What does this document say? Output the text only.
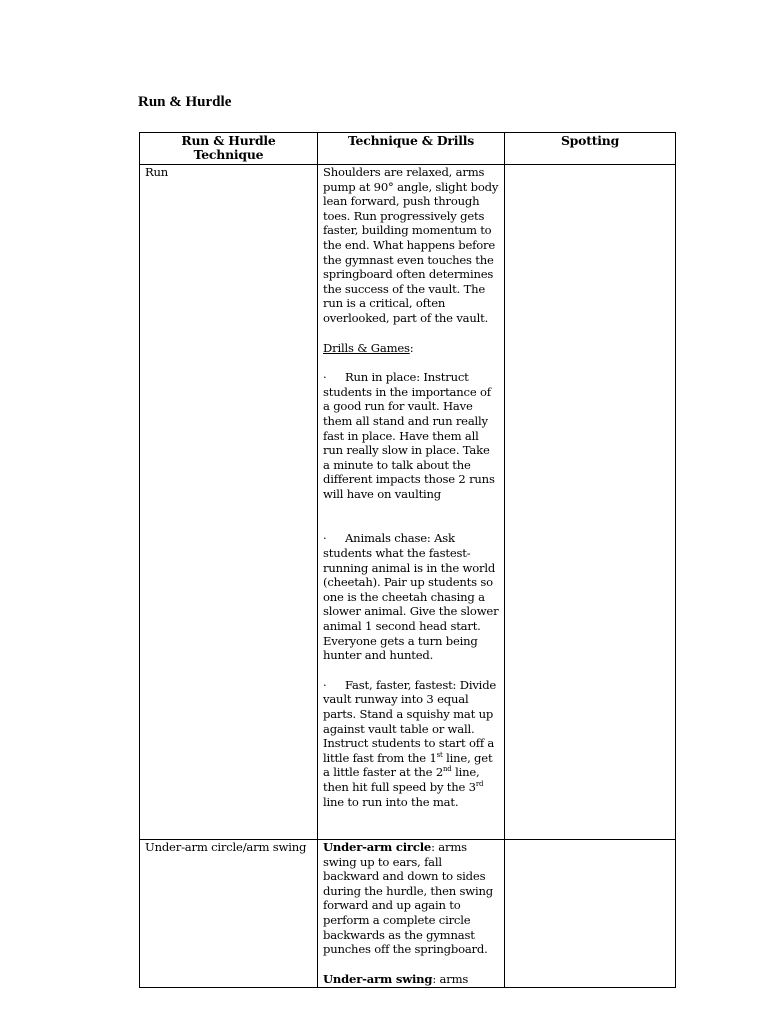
Run & Hurdle
Run & Hurdle Technique	Technique & Drills	Spotting
Run	Shoulders are relaxed, arms pump at 90° angle, slight body lean forward, push through toes. Run progressively gets faster, building momentum to the end. What happens before the gymnast even touches the springboard often determines the success of the vault. The run is a critical, often overlooked, part of the vault.

Drills & Games:

· Run in place: Instruct students in the importance of a good run for vault. Have them all stand and run really fast in place. Have them all run really slow in place. Take a minute to talk about the different impacts those 2 runs will have on vaulting

· Animals chase: Ask students what the fastest-running animal is in the world (cheetah). Pair up students so one is the cheetah chasing a slower animal. Give the slower animal 1 second head start. Everyone gets a turn being hunter and hunted.

· Fast, faster, fastest: Divide vault runway into 3 equal parts. Stand a squishy mat up against vault table or wall. Instruct students to start off a little fast from the 1st line, get a little faster at the 2nd line, then hit full speed by the 3rd line to run into the mat.	

Under-arm circle/arm swing	Under-arm circle: arms swing up to ears, fall backward and down to sides during the hurdle, then swing forward and up again to perform a complete circle backwards as the gymnast punches off the springboard.

Under-arm swing: arms	
